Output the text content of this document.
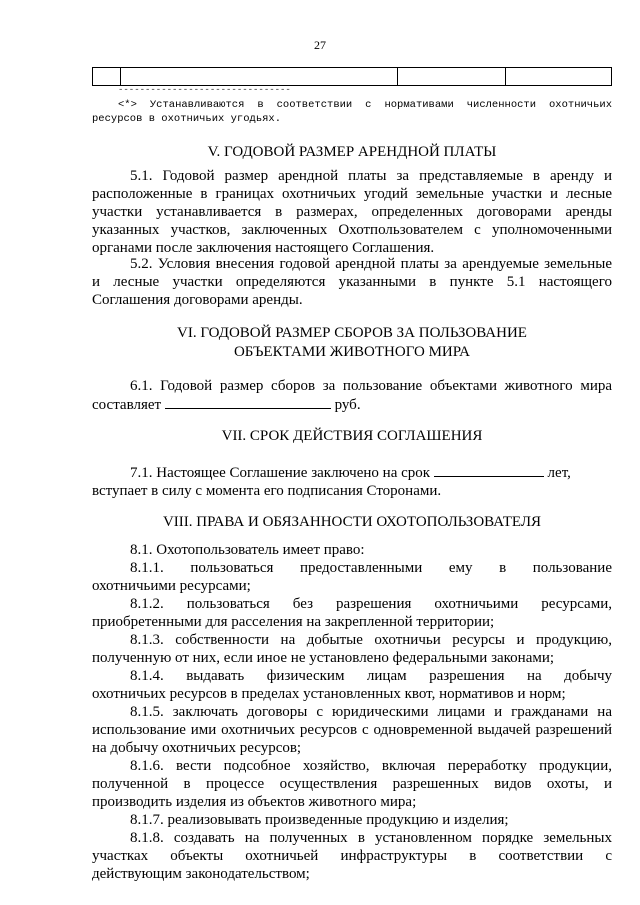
27
--------------------------------
<*> Устанавливаются в соответствии с нормативами численности охотничьих
ресурсов в охотничьих угодьях.
V. ГОДОВОЙ РАЗМЕР АРЕНДНОЙ ПЛАТЫ
5.1. Годовой размер арендной платы за представляемые в аренду и
расположенные в границах охотничьих угодий земельные участки и лесные
участки устанавливается в размерах, определенных договорами аренды
указанных участков, заключенных Охотпользователем с уполномоченными
органами после заключения настоящего Соглашения.
5.2. Условия внесения годовой арендной платы за арендуемые земельные
и лесные участки определяются указанными в пункте 5.1 настоящего
Соглашения договорами аренды.
VI. ГОДОВОЙ РАЗМЕР СБОРОВ ЗА ПОЛЬЗОВАНИЕ
ОБЪЕКТАМИ ЖИВОТНОГО МИРА
6.1. Годовой размер сборов за пользование объектами животного мира
составляет	руб.
VII. СРОК ДЕЙСТВИЯ СОГЛАШЕНИЯ
7.1. Настоящее Соглашение заключено на срок	лет,
вступает в силу с момента его подписания Сторонами.
VIII. ПРАВА И ОБЯЗАННОСТИ ОХОТОПОЛЬЗОВАТЕЛЯ
8.1. Охотопользователь имеет право:
8.1.1. пользоваться предоставленными ему в пользование
охотничьими ресурсами;
8.1.2. пользоваться без разрешения охотничьими ресурсами,
приобретенными для расселения на закрепленной территории;
8.1.3. собственности на добытые охотничьи ресурсы и продукцию,
полученную от них, если иное не установлено федеральными законами;
8.1.4. выдавать физическим лицам разрешения на добычу
охотничьих ресурсов в пределах установленных квот, нормативов и норм;
8.1.5. заключать договоры с юридическими лицами и гражданами на
использование ими охотничьих ресурсов с одновременной выдачей разрешений
на добычу охотничьих ресурсов;
8.1.6. вести подсобное хозяйство, включая переработку продукции,
полученной в процессе осуществления разрешенных видов охоты, и
производить изделия из объектов животного мира;
8.1.7. реализовывать произведенные продукцию и изделия;
8.1.8. создавать на полученных в установленном порядке земельных
участках объекты охотничьей инфраструктуры в соответствии с
действующим законодательством;
